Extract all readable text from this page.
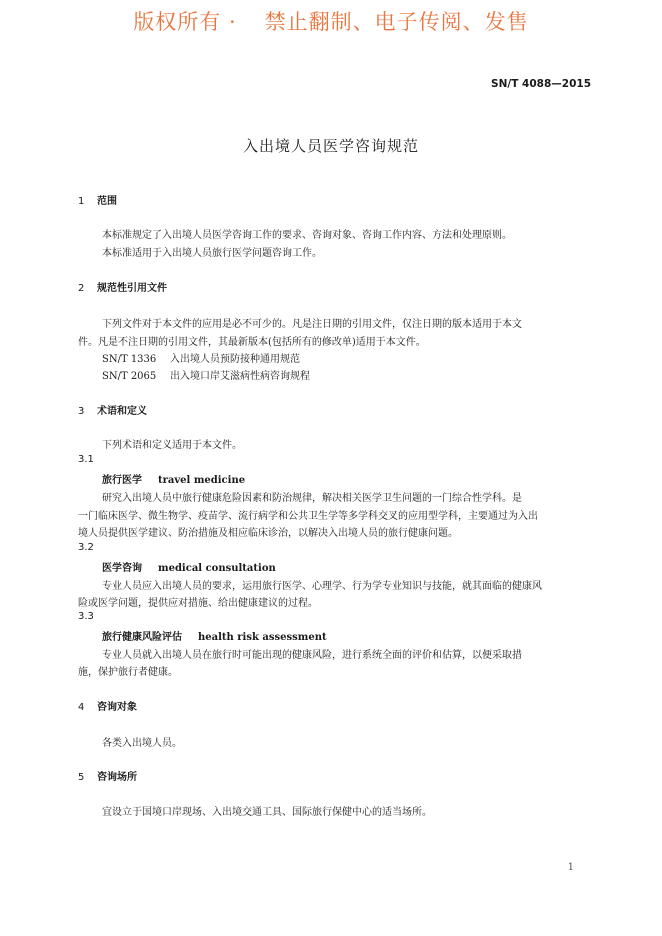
版权所有 · 禁止翻制、电子传阅、发售
SN/T 4088—2015
入出境人员医学咨询规范
1 范围
本标准规定了入出境人员医学咨询工作的要求、咨询对象、咨询工作内容、方法和处理原则。
本标准适用于入出境人员旅行医学问题咨询工作。
2 规范性引用文件
下列文件对于本文件的应用是必不可少的。凡是注日期的引用文件，仅注日期的版本适用于本文
件。凡是不注日期的引用文件，其最新版本(包括所有的修改单)适用于本文件。
SN/T 1336 入出境人员预防接种通用规范
SN/T 2065 出入境口岸艾滋病性病咨询规程
3 术语和定义
下列术语和定义适用于本文件。
3.1
旅行医学 travel medicine
研究入出境人员中旅行健康危险因素和防治规律，解决相关医学卫生问题的一门综合性学科。是
一门临床医学、微生物学、疫苗学、流行病学和公共卫生学等多学科交叉的应用型学科，主要通过为入出
境人员提供医学建议、防治措施及相应临床诊治，以解决入出境人员的旅行健康问题。
3.2
医学咨询 medical consultation
专业人员应入出境人员的要求，运用旅行医学、心理学、行为学专业知识与技能，就其面临的健康风
险或医学问题，提供应对措施、给出健康建议的过程。
3.3
旅行健康风险评估 health risk assessment
专业人员就入出境人员在旅行时可能出现的健康风险，进行系统全面的评价和估算，以便采取措
施，保护旅行者健康。
4 咨询对象
各类入出境人员。
5 咨询场所
宜设立于国境口岸现场、入出境交通工具、国际旅行保健中心的适当场所。
1
